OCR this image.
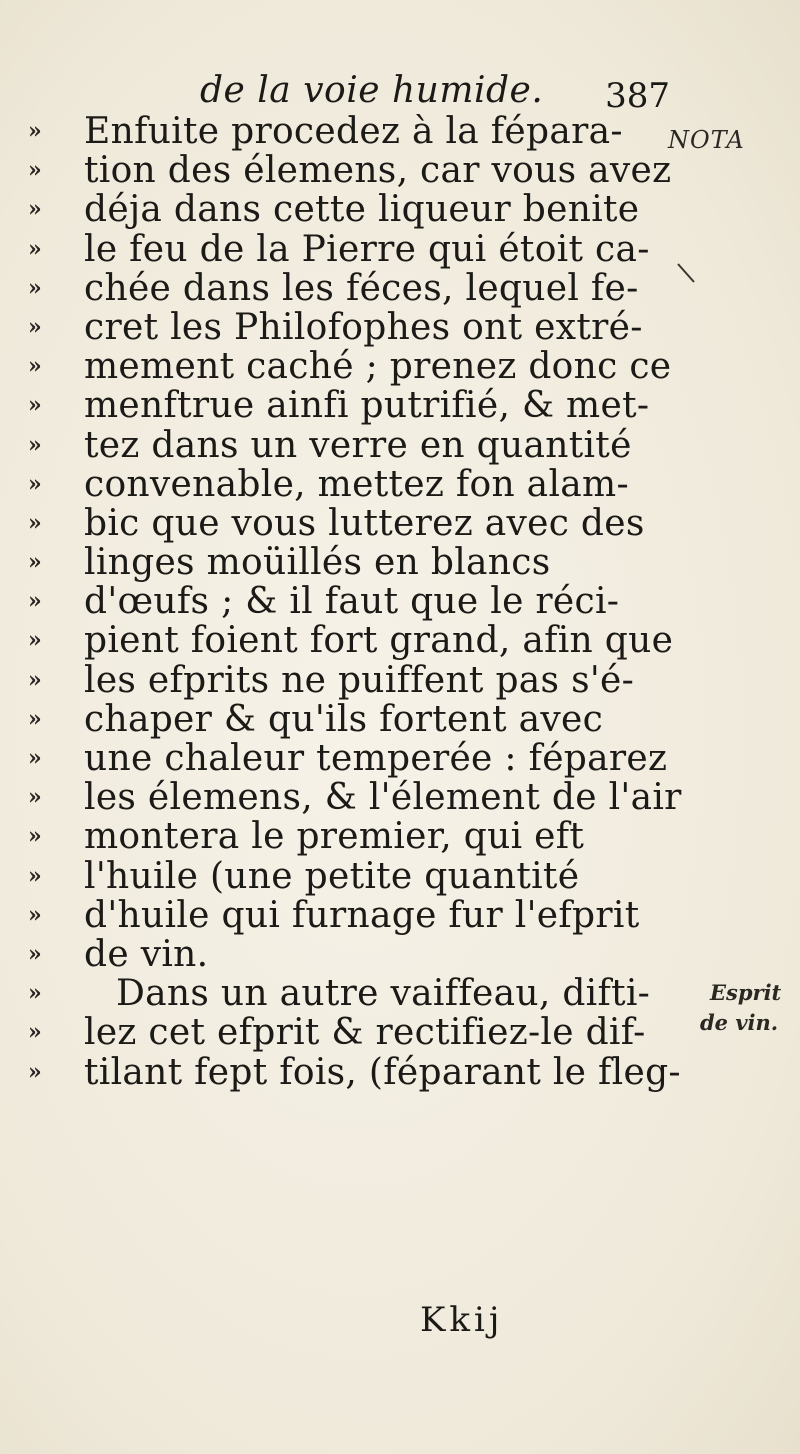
de la voie humide. 387
»	Enfuite procedez à la fépara-
»	tion des élemens, car vous avez
»	déja dans cette liqueur benite
»	le feu de la Pierre qui étoit ca-
»	chée dans les féces, lequel fe-
»	cret les Philofophes ont extré-
»	mement caché ; prenez donc ce
»	menftrue ainfi putrifié, & met-
»	tez dans un verre en quantité
»	convenable, mettez fon alam-
»	bic que vous lutterez avec des
»	linges moüillés en blancs
»	d'œufs ; & il faut que le réci-
»	pient foient fort grand, afin que
»	les efprits ne puiffent pas s'é-
»	chaper & qu'ils fortent avec
»	une chaleur temperée : féparez
»	les élemens, & l'élement de l'air
»	montera le premier, qui eft
»	l'huile (une petite quantité
»	d'huile qui furnage fur l'efprit
»	de vin.
»	Dans un autre vaiffeau, difti-
»	lez cet efprit & rectifiez-le dif-
»	tilant fept fois, (féparant le fleg-
NOTA
Esprit
de vin.
Kkij
